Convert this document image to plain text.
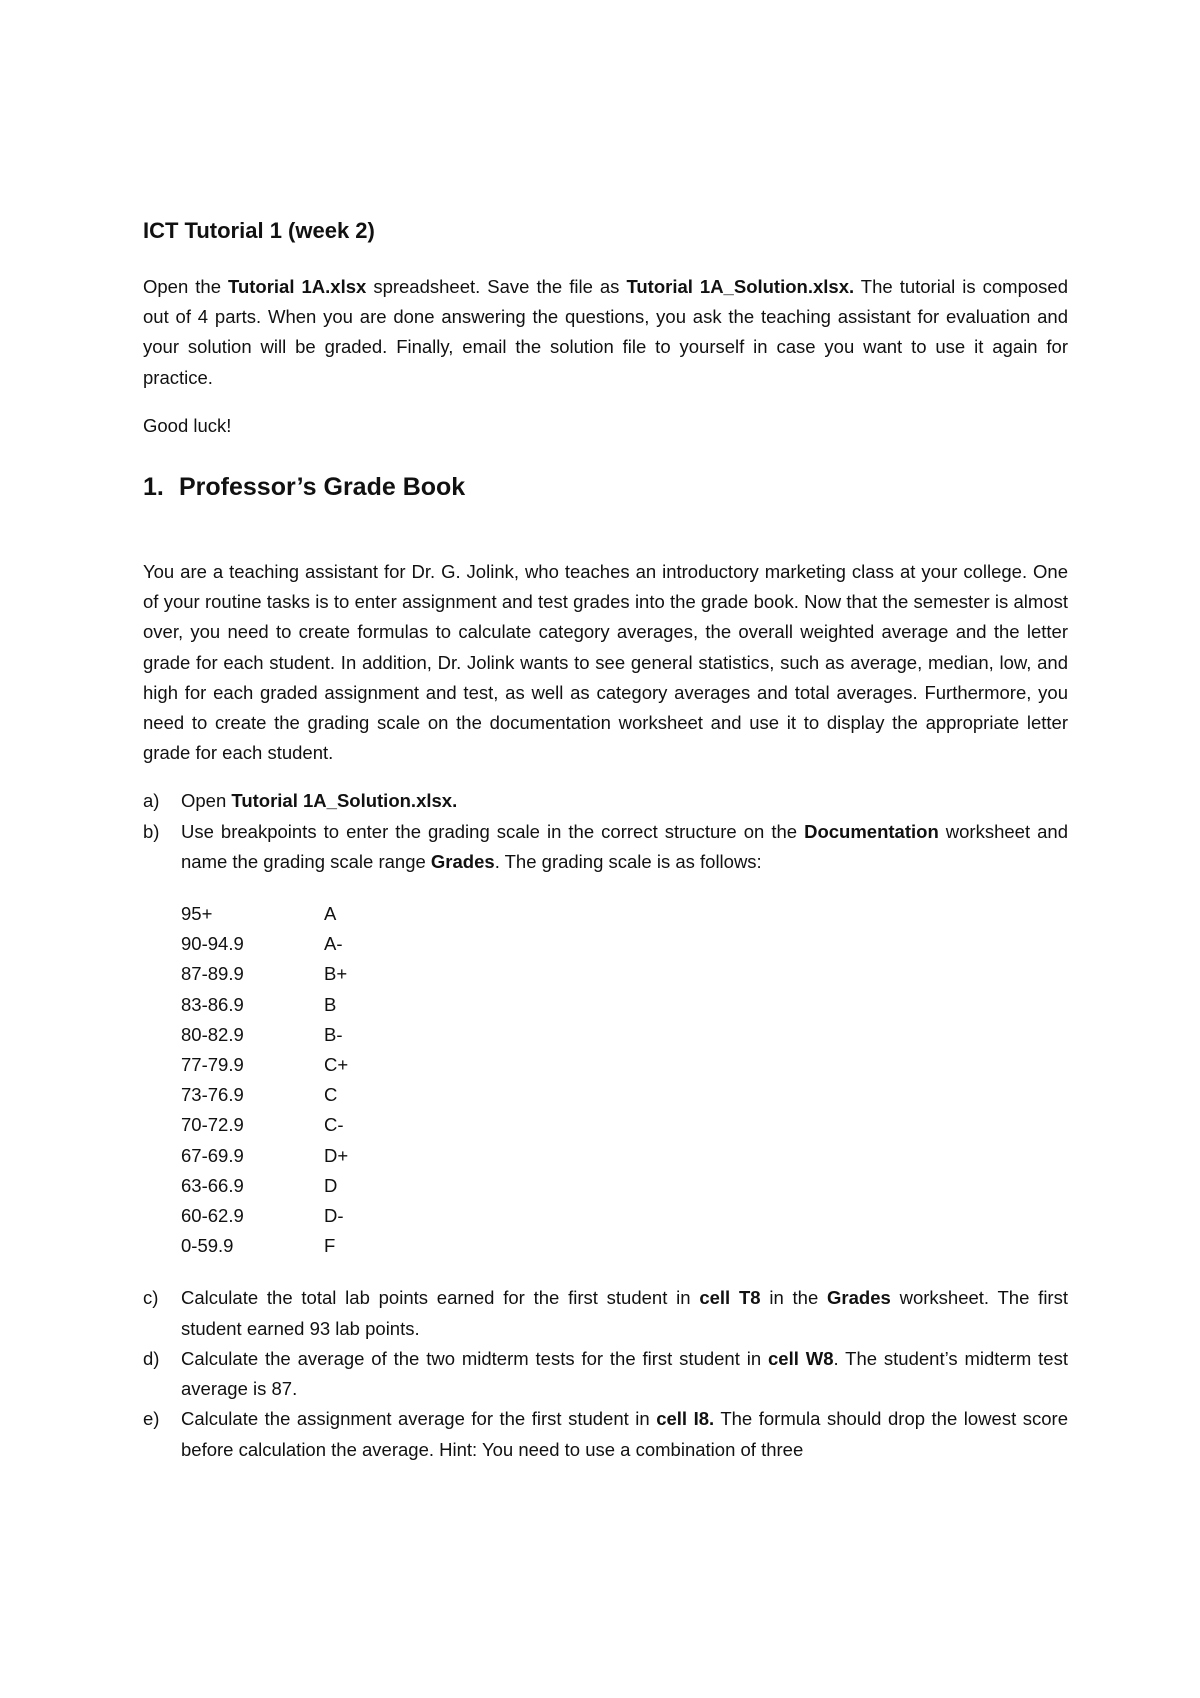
ICT Tutorial 1 (week 2)

Open the Tutorial 1A.xlsx spreadsheet. Save the file as Tutorial 1A_Solution.xlsx. The tutorial is composed out of 4 parts. When you are done answering the questions, you ask the teaching assistant for evaluation and your solution will be graded. Finally, email the solution file to yourself in case you want to use it again for practice.

Good luck!

1. Professor’s Grade Book

You are a teaching assistant for Dr. G. Jolink, who teaches an introductory marketing class at your college. One of your routine tasks is to enter assignment and test grades into the grade book. Now that the semester is almost over, you need to create formulas to calculate category averages, the overall weighted average and the letter grade for each student. In addition, Dr. Jolink wants to see general statistics, such as average, median, low, and high for each graded assignment and test, as well as category averages and total averages. Furthermore, you need to create the grading scale on the documentation worksheet and use it to display the appropriate letter grade for each student.

a)	Open Tutorial 1A_Solution.xlsx.
b)	Use breakpoints to enter the grading scale in the correct structure on the Documentation worksheet and name the grading scale range Grades. The grading scale is as follows:
95+	A
90-94.9	A-
87-89.9	B+
83-86.9	B
80-82.9	B-
77-79.9	C+
73-76.9	C
70-72.9	C-
67-69.9	D+
63-66.9	D
60-62.9	D-
0-59.9	F
c)	Calculate the total lab points earned for the first student in cell T8 in the Grades worksheet. The first student earned 93 lab points.
d)	Calculate the average of the two midterm tests for the first student in cell W8. The student’s midterm test average is 87.
e)	Calculate the assignment average for the first student in cell I8. The formula should drop the lowest score before calculation the average. Hint: You need to use a combination of three
